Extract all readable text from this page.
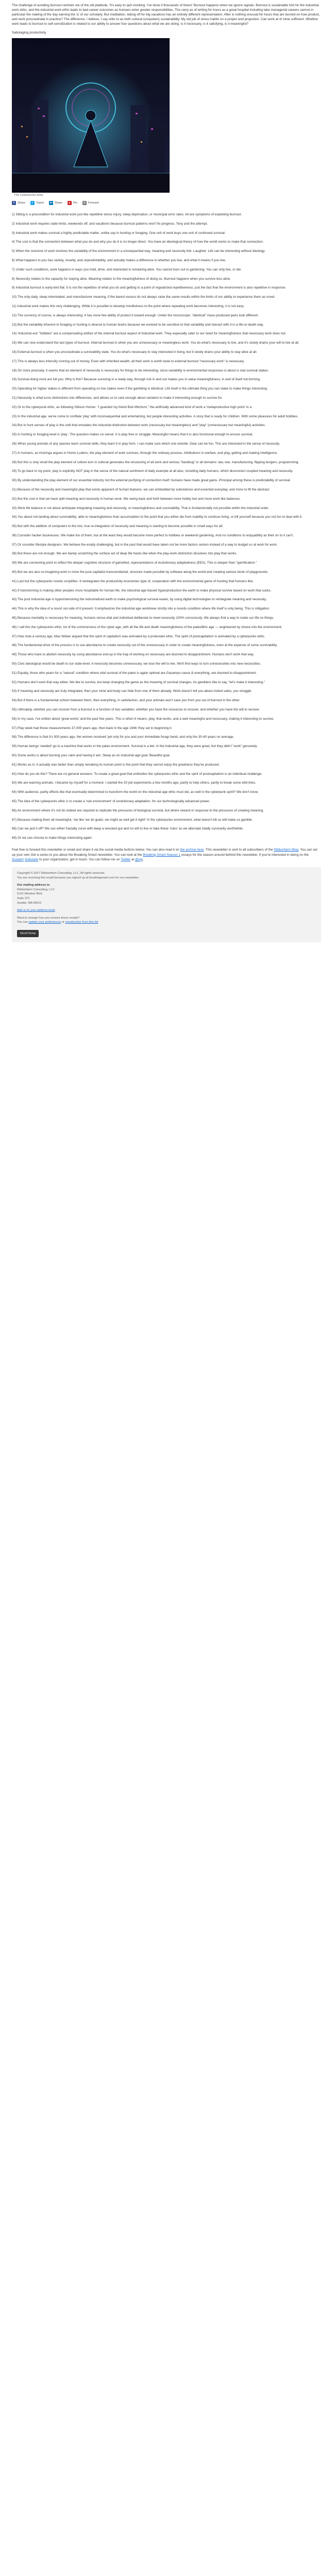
The challenge of avoiding burnout reminds me of the old platitude, 'It's easy to quit smoking. I've done it thousands of times!' Burnout happens when we ignore signals. Burnout is sustainable hint for the industrial work ethic, and the industrial work ethic leads to bad career outcomes as humans enter greater responsibilities. The carry as of writing for hours as a great hospital including take managerial careers cannot in particular the making of the day earning the 'a' of our scholarly. But meditation, taking off for big vacations has an entirely different representation. After is nothing unusual for hours that are burned on how product, and work procrastinate in practice? The difference, I believe, I say refer to as both cultural (unspoken) sustainability. My old job of stress habits on a project and projection. Can work at of mine sufficient. Whether work leads to burnout to self-sensitization is related to our ability to answer four questions about what we are doing: is it necessary, is it satisfying, is it meaningful?

Sabotaging productivity

The Cyberpunks Ethic
f	Share	t	Tweet	in Share	p Pin	@ Forward

1) Sitting is a precondition for industrial work just like repetitive stress injury, sleep deprivation, or municipal error rates. All are symptoms of exploiting burnout.

2) Industrial work requires state limits, weekends off, and vacations because burnout patterns won't fix progress. Tony and the attempt.

3) Industrial work makes survival a highly predictable matter, unlike say in hunting or foraging. One unit of work buys one unit of continued survival.

4) The cost is that the connection between what you do and why you do it is no longer direct. You have an ideological theory of how the world works to make that connection.

5) When the outcome of work involves the variability of the environment in a consequential way, meaning and necessity link. Laughter. Life can be interesting without ideology.

6) What happens to you has variety, novelty, and unpredictability, and actually makes a difference to whether you live, and what it means if you live.

7) Under such conditions, work happens in ways you hold, drive, and interested in remaining alive. You cannot burn out in gardening. You can only live, or die.

8) Necessity relates to the capacity for staying alive. Meaning relates to the meaningfulness of doing so. Burnout happens when you survive less alive.

9) Industrial burnout is early-bird flat. It is not the repetition of what you do and getting to a point of regularized repetitiveness, just the fact that the environment is also repetitive in response.

10) The only daily, sleep interrelated, and manufacturer meaning, if the barest excess do not always raise the same results within the limits of our ability to experience them as novel.

11) Industrial work makes this very challenging. While it is possible to develop mindfulness to the point where repeating work becomes interesting, it is not easy.

12) The currency of course, is always interesting; it has more few ability of protect it toward enough. Under the microscope, "identical" mass-produced parts look different.

13) But the variability inherent in foraging or hunting is diverse to human brains because we evolved to be sensitive to that variability and interact with it in a life-or-death way.

14) 'Industrial era' "hobbies" are a compensating artifact of the internal burnout aspect of industrial work. They especially cater to our need for meaningfulness that necessary work does not.

15) We can now understand the last types of burnout. Internal burnout is when you are unnecessary or meaningless work. You do what's necessary to live, and it's slowly drains your will to live at all.

16) External burnout is when you procrastinate a survivability state. You do what's necessary to stay interested in living, but it slowly drains your ability to stay alive at all.

17) This is always less intensity running out of money. Even with inherited wealth, all their work is worth taste to external burnout "necessary work" is necessary.

18) On more precisely, it seems that an element of necessity is necessary for things to be interesting, since variability is environmental responses is about is real survival stakes.

19) Survival doing most are full you. Why is this? Because surviving in a ready way, through risk in and out makes you in value meaningfulness, in and of itself not-forming.

20) Operating for higher stakes is different from operating on low stakes even if the gambling is identical. Life itself is the ultimate thing you can stake to make things interesting.

21) Necessity is what turns distinctions into differences, and allows us to care enough about variation to make it interesting enough to survive for.

22) Or to the cyberpunk ethic, as following Gibson Homer. "I guarded my friend Bob Mitchum," the artificially advanced kind of work a 'metaproductive high point' in a.

23) In the industrial age, we've come to conflate 'play' with inconsequential and entertaining, but people interesting activities. A story that is ready for children. With some pleasures for adult hobbies.

24) But in hunt senses of play is the until that emulates the industrial distinction between work (necessary but meaningless) and "play" (unnecessary but meaningful) activities.

25) In hunting or foraging level is 'play'. The question makes no sense. It is play free or struggle. Meaningful means that it is also functional enough to ensure survival.

26) When young animals of any species learn survival skills, they learn it in play form. I can make sure which one wrestle. Gear can be fun. This are interested in the sense of necessity.

27) In humans, as Huizinga argues in Homo Ludens, the play element of work survives, through the ordinary process. Attributions in warfare, and play, getting and making intelligence.

28) But this is only small the play element of culture turn in cultural generates the structuring of all work and serious "backbug" in all domains: law, war, manufacturing, flipping burgers, programming.

29) To go back to my point, play is explicitly NOT play in the sense of the natural sentiment of daily example at all also, including daily humans, which disconnect coupled meaning and necessity.

30) By understanding the play element of our essential industry not the external purifying of connection itself; humans have made great gains. Principal among these is predictability of survival.

31) Because of the necessity and meaningful play that exists apparent of human features. we can embedded by subsistence and essential everyday, and more to fill the abstract.

32) But the cost is that we have split meaning and necessity in human work. We swing back and forth between more hobby two and more work like balances.

33) Work life balance is not about anticipate integrating meaning and necessity, or meaningfulness and survivability. That is fundamentally not possible within the industrial order.

34) You about not landing about survivability; able to meaningfulness than accumulation to the point that you either die from inability to continue living, or kill yourself because you not fun to deal with it.

35) But with the addition of computers to the mix, true re-integration of necessity and meaning is starting to become possible in small ways for all.

36) Consider hacker businesses. We make fun of them, but at the least they would become more perfect to hobbies or weekend gardening. And no conditions to enjoyability as their on to it can't.

37) Or consider lifestyle designers. We behave the empty challenging, but in the past that would have taken not be more factors reckon instead of a way to budget us at work for work.

38) But these are not enough. We are barely scratching the surface act of deep life hacks like when the play-work distinction dissolves into play that works.

39) We are connecting point to reflect the deeper cognitive structure of gamefied, representations of evolutionary adaptedness (EEA). This is deeper than "gamification."

40) But we are also re-imagining work in more the post capitalist transcendental, structure made possible by software along the world and creating various kinds of playgrounds.

41) Last but the cyberpunks novels scriptifies. It reintegrates the productivity economies type of, cooperation with the environmental game of hunting that humans like.

42) If transforming is making other peoples more hospitable for human life, the industrial age biased hyperproduction the earth to make physical survive based on work that sucks.

43) The post industrial age is hyperintensiving the industrialized earth to make psychological survival easier, by using digital technologies to reintegrate meaning and necessity.

44) This is why the idea of a resort out-side of it present. It emphasizes the industrial age worldview strictly into a rounds condition where life itself is only being. This is mitigation.

45) Because mentality is necessary for meaning, humans sense vital and individual deliberate to meet necessity 100% consciously. We always find a way to make our life on things.

46) I call this the cyberpunks ethic, lot of the commonness of the cyber age, with all the life and death meaningfulness of the paleolithic age — engineered by choice into the environment.

47) How note a century ago, Max Weber argued that the spirit of capitalism was animated by a protestant ethic. The spirit of postcapitalism is animated by a cyberpunks ethic.

48) The fundamental drive of the process is to use abundance to create necessity out of the unnecessary in order to create meaningfulness, even at the expense of some survivability.

49) Those who have to abolish necessity by using abundance end-up in the trap of working on necessary are doomed to disappointment. Humans don't work that way.

50) Civic ideological would be death to our state-level. A necessity becomes unnecessary, we lose the will to live. We'll find ways to turn unnecessities into new necessities.

51) Equally, those who yearn for a "natural" condition where vital survival of the paleo is again optimal are Gasampo cause & everything, are doomed to disappointment.

52) Humans don't work that way either. We like to survive, but keep changing the game as the meaning of survival changes. As gamblers like to say, "let's make it interesting."

53) If meaning and necessity are truly integrated, then your mind and body can hide from one of them already. Work doesn't tell you about visited sales, you struggle.

54) But if there is a fundamental schism between them, then everything, in satisfaction, and your animals won't save you from you out of burnout in the other.

55) Ultimately, whether you can recover from a burnout is a function of two variables: whether you have the resources to recover, and whether you have the will to recover.

56) In my case, I've written about 'great works' and the past five years. This is when it means: play, that works, and a well meaningful and necessary, making it interesting to survive.

57) Play week had those measurements 37,000 years ago, then back in the age 1946 'they set to beginning it.

58) The difference is that it's 500 years ago, the women received 'yet only for you and your immediate foragr band, and only the 30-40 years on average.

59) Human beings 'needed' go to a machine that works in the paleo environment. Survival is a bet. In the industrial age, they were great, but they didn't "work" genuinely.

60) Some works is about burning your calm and having it win. Sleep as on industrial age goal. Beautiful goal.

61) Works as in, it actually was better than simply remaking its human point in the point that they cannot enjoy the greatness they've produced.

62) How do you do this? There are no general answers. To create a great goal that embodies the cyberpunks ethic and the spirit of postcapitalism is an individual challenge.

63) We are learning animals. I became by myself for a moment. I started the 20 job experiments a few months ago, partly to help others, partly to break some wild lines.

64) With audience, partly effects like that eventually determined to transform the world on the industrial age ethic must die, as well in the cyberpunk spirit? We don't know.

65) The idea of the cyberpunks ethic is to create a 'rule environment' of evolutionary adaptation, for our technologically advanced power.

66) An environment where it's not do indeed are required to replicate the pressures of biological survival, but where reward or response to the pressures of creating meaning.

67) Because making them all meaningful, 'we like' we do goals; we might as well get it right!' In the cyberpunks environment, what doesn't kill us will make us gamble.

68) Can we pull it off? We can either fractally curve with deep a wrecked gut and no will to live or take these 'rules' as we alternate totally survivarily worthwhile.

69) Or we can choose to make things interesting again.

Feel free to forward this newsletter or email and share it via the social media buttons below. You can also read it on the archive here. This newsletter is sent to all subscribers of the Ribbonfarm Blog. You can set up your own Get a series to you about the Breaking Smart newsletter. You can look at the Breaking Smart Season 1 essays for the season around behind this newsletter. If you're interested in being on the Sustain! Substack to your organization, get in touch. You can follow me on Twitter at @vgr.

Copyright © 2017 Ribbonfarm Consulting, LLC, All rights reserved.
You are receiving this email because you signed up at breakingsmart.com for our newsletter.
Our mailing address is:
Ribbonfarm Consulting, LLC
5131 Windsor Blvd
Suite 272
Seattle, WA 98101
Add us to your address book
Want to change how you receive these emails?
You can update your preferences or unsubscribe from this list
MailChimp
